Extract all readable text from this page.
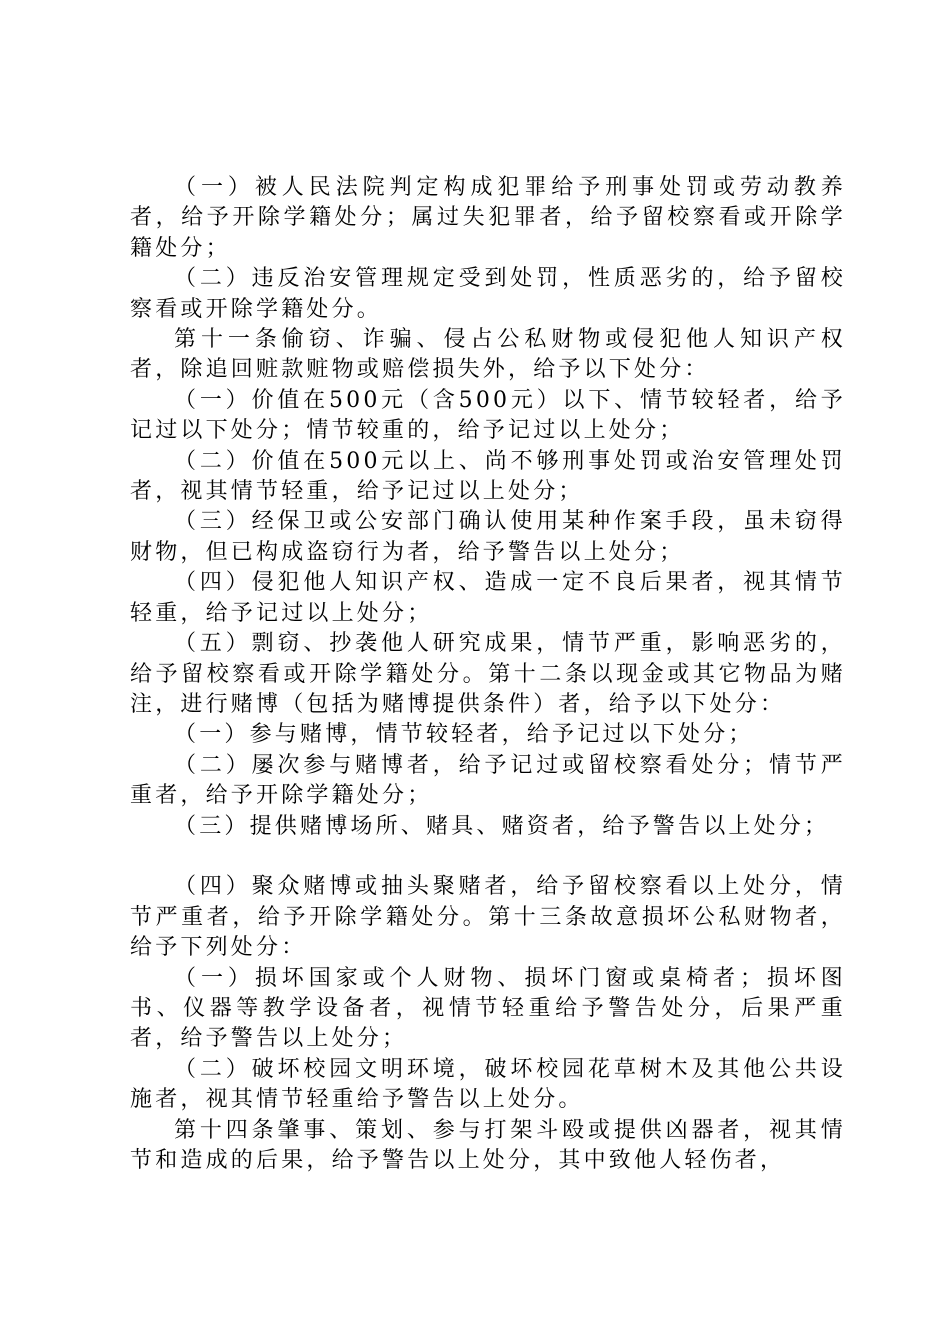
（一）被人民法院判定构成犯罪给予刑事处罚或劳动教养者，给予开除学籍处分；属过失犯罪者，给予留校察看或开除学籍处分；

（二）违反治安管理规定受到处罚，性质恶劣的，给予留校察看或开除学籍处分。

第十一条偷窃、诈骗、侵占公私财物或侵犯他人知识产权者，除追回赃款赃物或赔偿损失外，给予以下处分：

（一）价值在500元（含500元）以下、情节较轻者，给予记过以下处分；情节较重的，给予记过以上处分；

（二）价值在500元以上、尚不够刑事处罚或治安管理处罚者，视其情节轻重，给予记过以上处分；

（三）经保卫或公安部门确认使用某种作案手段，虽未窃得财物，但已构成盗窃行为者，给予警告以上处分；

（四）侵犯他人知识产权、造成一定不良后果者，视其情节轻重，给予记过以上处分；

（五）剽窃、抄袭他人研究成果，情节严重，影响恶劣的，给予留校察看或开除学籍处分。第十二条以现金或其它物品为赌注，进行赌博（包括为赌博提供条件）者，给予以下处分：

（一）参与赌博，情节较轻者，给予记过以下处分；

（二）屡次参与赌博者，给予记过或留校察看处分；情节严重者，给予开除学籍处分；

（三）提供赌博场所、赌具、赌资者，给予警告以上处分；

（四）聚众赌博或抽头聚赌者，给予留校察看以上处分，情节严重者，给予开除学籍处分。第十三条故意损坏公私财物者，给予下列处分：

（一）损坏国家或个人财物、损坏门窗或桌椅者；损坏图书、仪器等教学设备者，视情节轻重给予警告处分，后果严重者，给予警告以上处分；

（二）破坏校园文明环境，破坏校园花草树木及其他公共设施者，视其情节轻重给予警告以上处分。

第十四条肇事、策划、参与打架斗殴或提供凶器者，视其情节和造成的后果，给予警告以上处分，其中致他人轻伤者，
